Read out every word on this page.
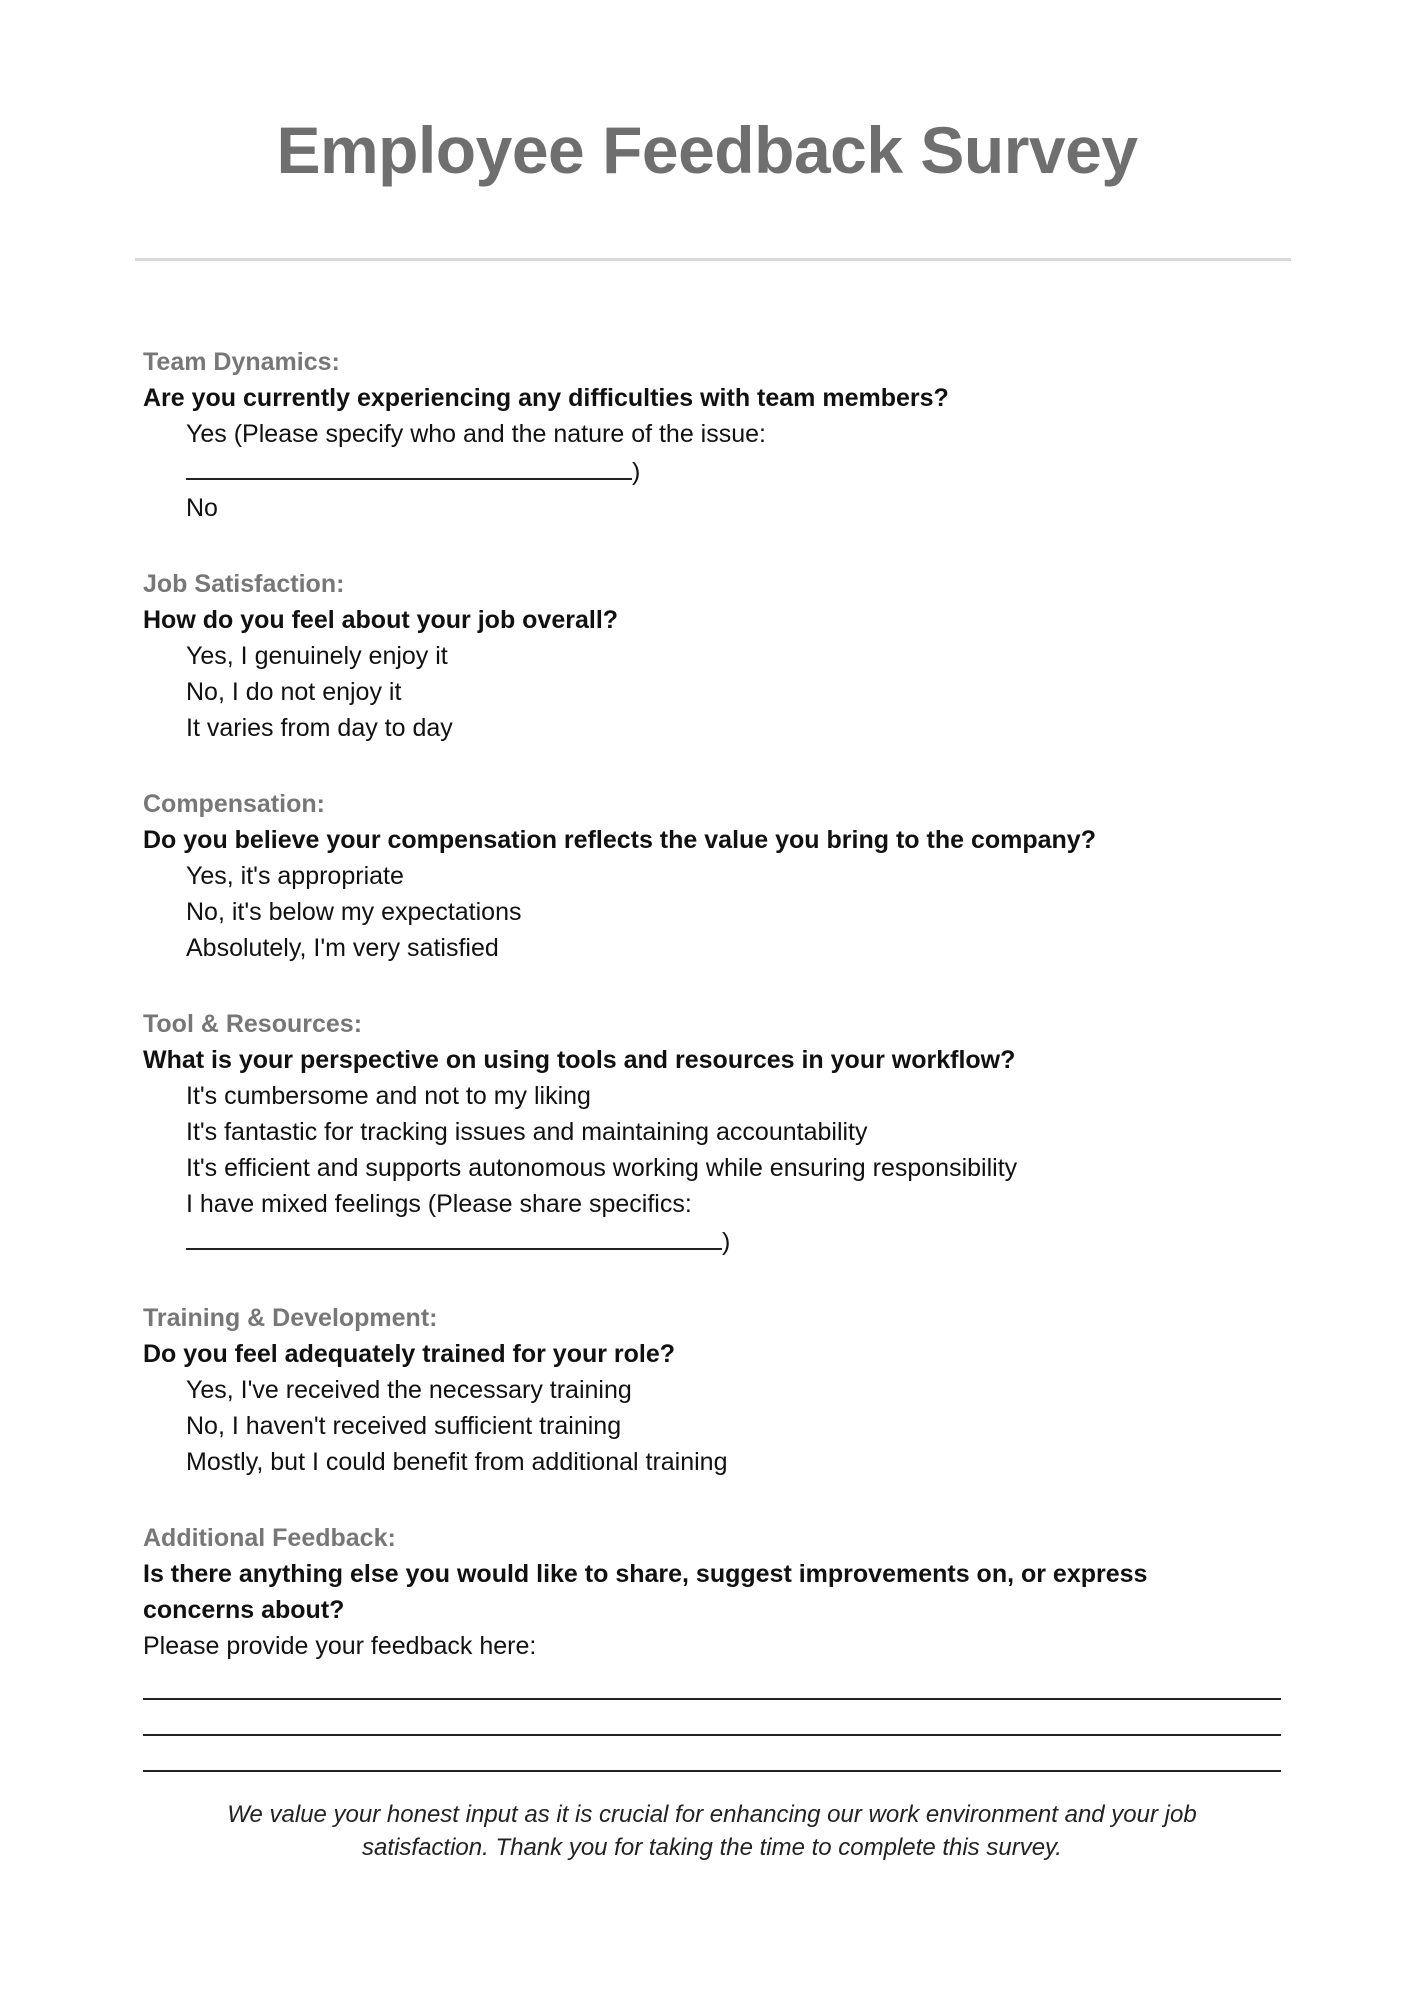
Employee Feedback Survey
Team Dynamics:
Are you currently experiencing any difficulties with team members?
Yes (Please specify who and the nature of the issue:
)
No
Job Satisfaction:
How do you feel about your job overall?
Yes, I genuinely enjoy it
No, I do not enjoy it
It varies from day to day
Compensation:
Do you believe your compensation reflects the value you bring to the company?
Yes, it's appropriate
No, it's below my expectations
Absolutely, I'm very satisfied
Tool & Resources:
What is your perspective on using tools and resources in your workflow?
It's cumbersome and not to my liking
It's fantastic for tracking issues and maintaining accountability
It's efficient and supports autonomous working while ensuring responsibility
I have mixed feelings (Please share specifics:
)
Training & Development:
Do you feel adequately trained for your role?
Yes, I've received the necessary training
No, I haven't received sufficient training
Mostly, but I could benefit from additional training
Additional Feedback:
Is there anything else you would like to share, suggest improvements on, or express concerns about?
Please provide your feedback here:
We value your honest input as it is crucial for enhancing our work environment and your job satisfaction. Thank you for taking the time to complete this survey.
